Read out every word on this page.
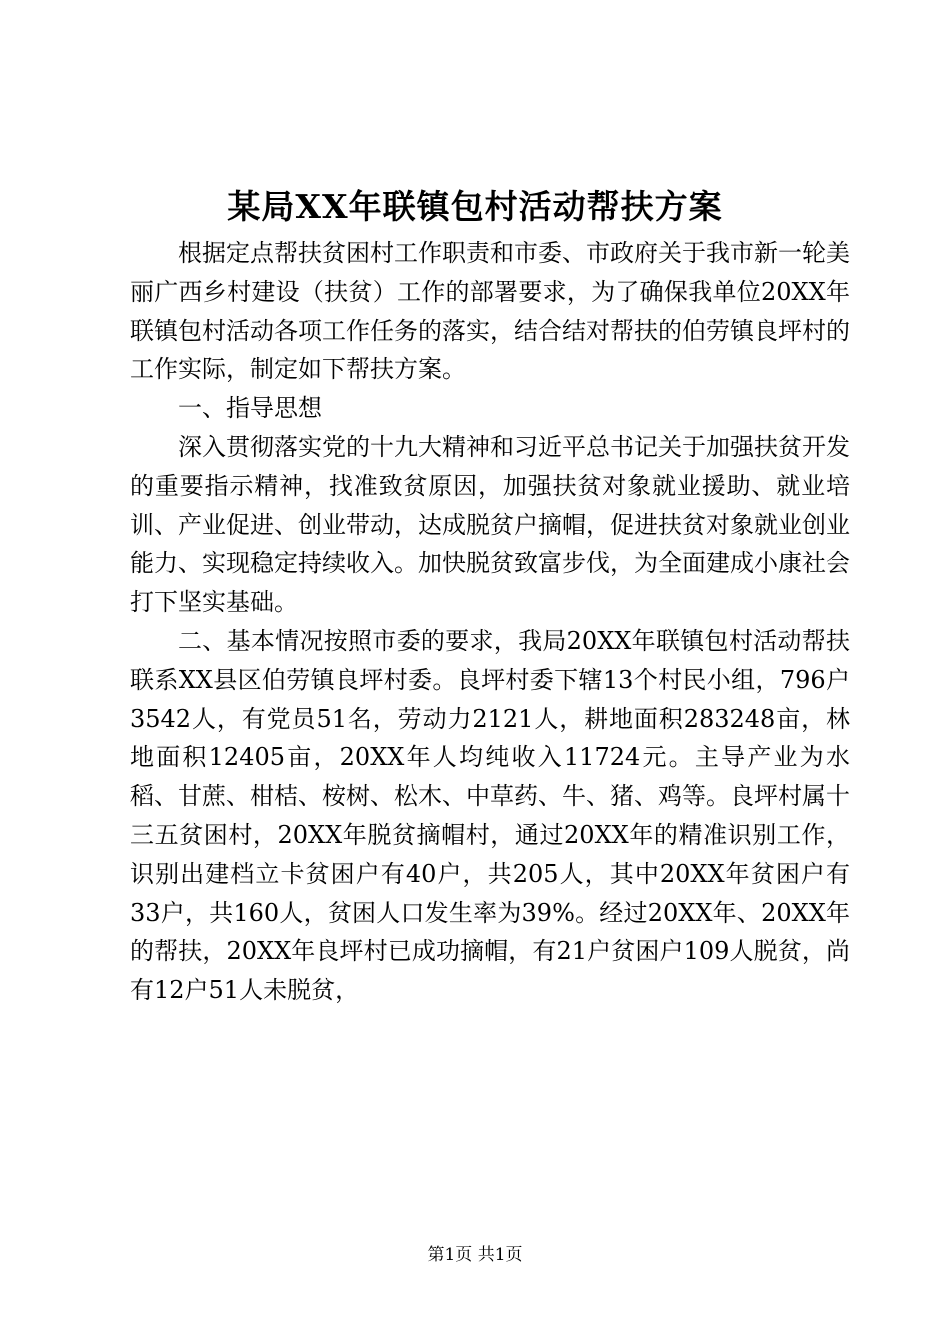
某局XX年联镇包村活动帮扶方案

根据定点帮扶贫困村工作职责和市委、市政府关于我市新一轮美丽广西乡村建设（扶贫）工作的部署要求，为了确保我单位20XX年联镇包村活动各项工作任务的落实，结合结对帮扶的伯劳镇良坪村的工作实际，制定如下帮扶方案。

一、指导思想

深入贯彻落实党的十九大精神和习近平总书记关于加强扶贫开发的重要指示精神，找准致贫原因，加强扶贫对象就业援助、就业培训、产业促进、创业带动，达成脱贫户摘帽，促进扶贫对象就业创业能力、实现稳定持续收入。加快脱贫致富步伐，为全面建成小康社会打下坚实基础。

二、基本情况按照市委的要求，我局20XX年联镇包村活动帮扶联系XX县区伯劳镇良坪村委。良坪村委下辖13个村民小组，796户3542人，有党员51名，劳动力2121人，耕地面积283248亩，林地面积12405亩，20XX年人均纯收入11724元。主导产业为水稻、甘蔗、柑桔、桉树、松木、中草药、牛、猪、鸡等。良坪村属十三五贫困村，20XX年脱贫摘帽村，通过20XX年的精准识别工作，识别出建档立卡贫困户有40户，共205人，其中20XX年贫困户有33户，共160人，贫困人口发生率为39%。经过20XX年、20XX年的帮扶，20XX年良坪村已成功摘帽，有21户贫困户109人脱贫，尚有12户51人未脱贫，

第1页 共1页
